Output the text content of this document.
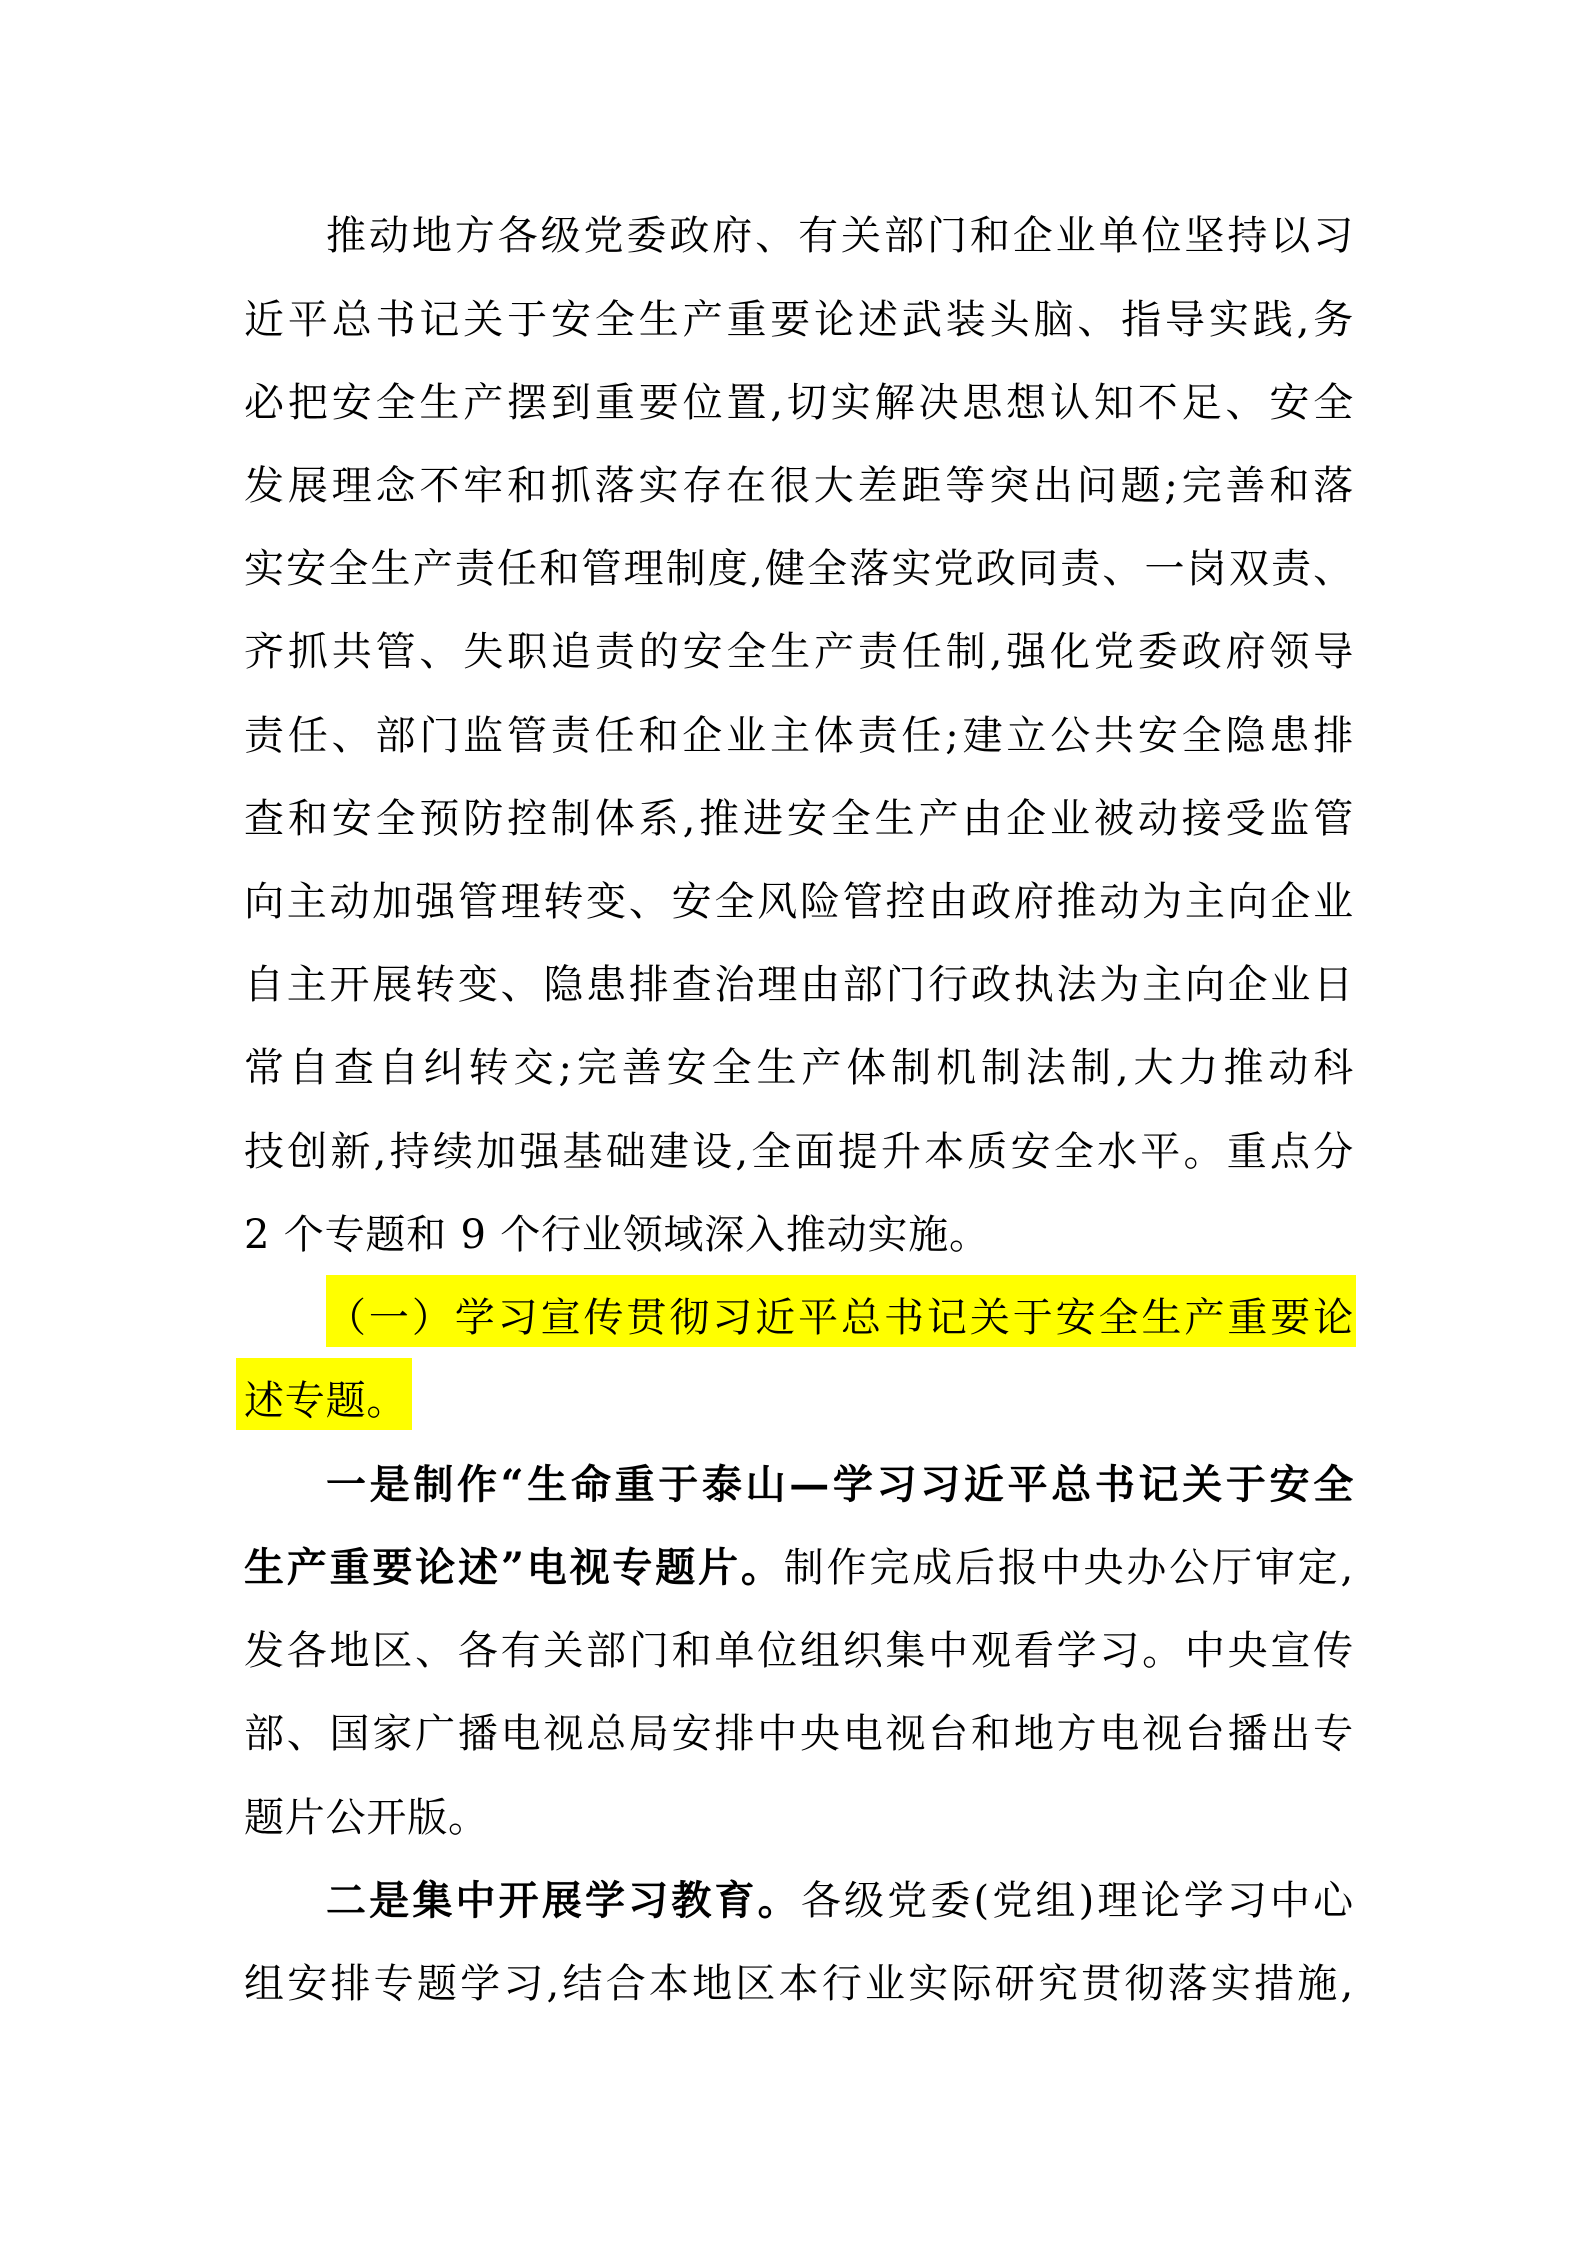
推动地方各级党委政府、有关部门和企业单位坚持以习
近平总书记关于安全生产重要论述武装头脑、指导实践,务
必把安全生产摆到重要位置,切实解决思想认知不足、安全
发展理念不牢和抓落实存在很大差距等突出问题;完善和落
实安全生产责任和管理制度,健全落实党政同责、一岗双责、
齐抓共管、失职追责的安全生产责任制,强化党委政府领导
责任、部门监管责任和企业主体责任;建立公共安全隐患排
查和安全预防控制体系,推进安全生产由企业被动接受监管
向主动加强管理转变、安全风险管控由政府推动为主向企业
自主开展转变、隐患排查治理由部门行政执法为主向企业日
常自查自纠转交;完善安全生产体制机制法制,大力推动科
技创新,持续加强基础建设,全面提升本质安全水平。重点分
2 个专题和 9 个行业领域深入推动实施。
（一）学习宣传贯彻习近平总书记关于安全生产重要论
述专题。
一是制作“生命重于泰山—学习习近平总书记关于安全
生产重要论述”电视专题片。制作完成后报中央办公厅审定,
发各地区、各有关部门和单位组织集中观看学习。中央宣传
部、国家广播电视总局安排中央电视台和地方电视台播出专
题片公开版。
二是集中开展学习教育。各级党委(党组)理论学习中心
组安排专题学习,结合本地区本行业实际研究贯彻落实措施,
